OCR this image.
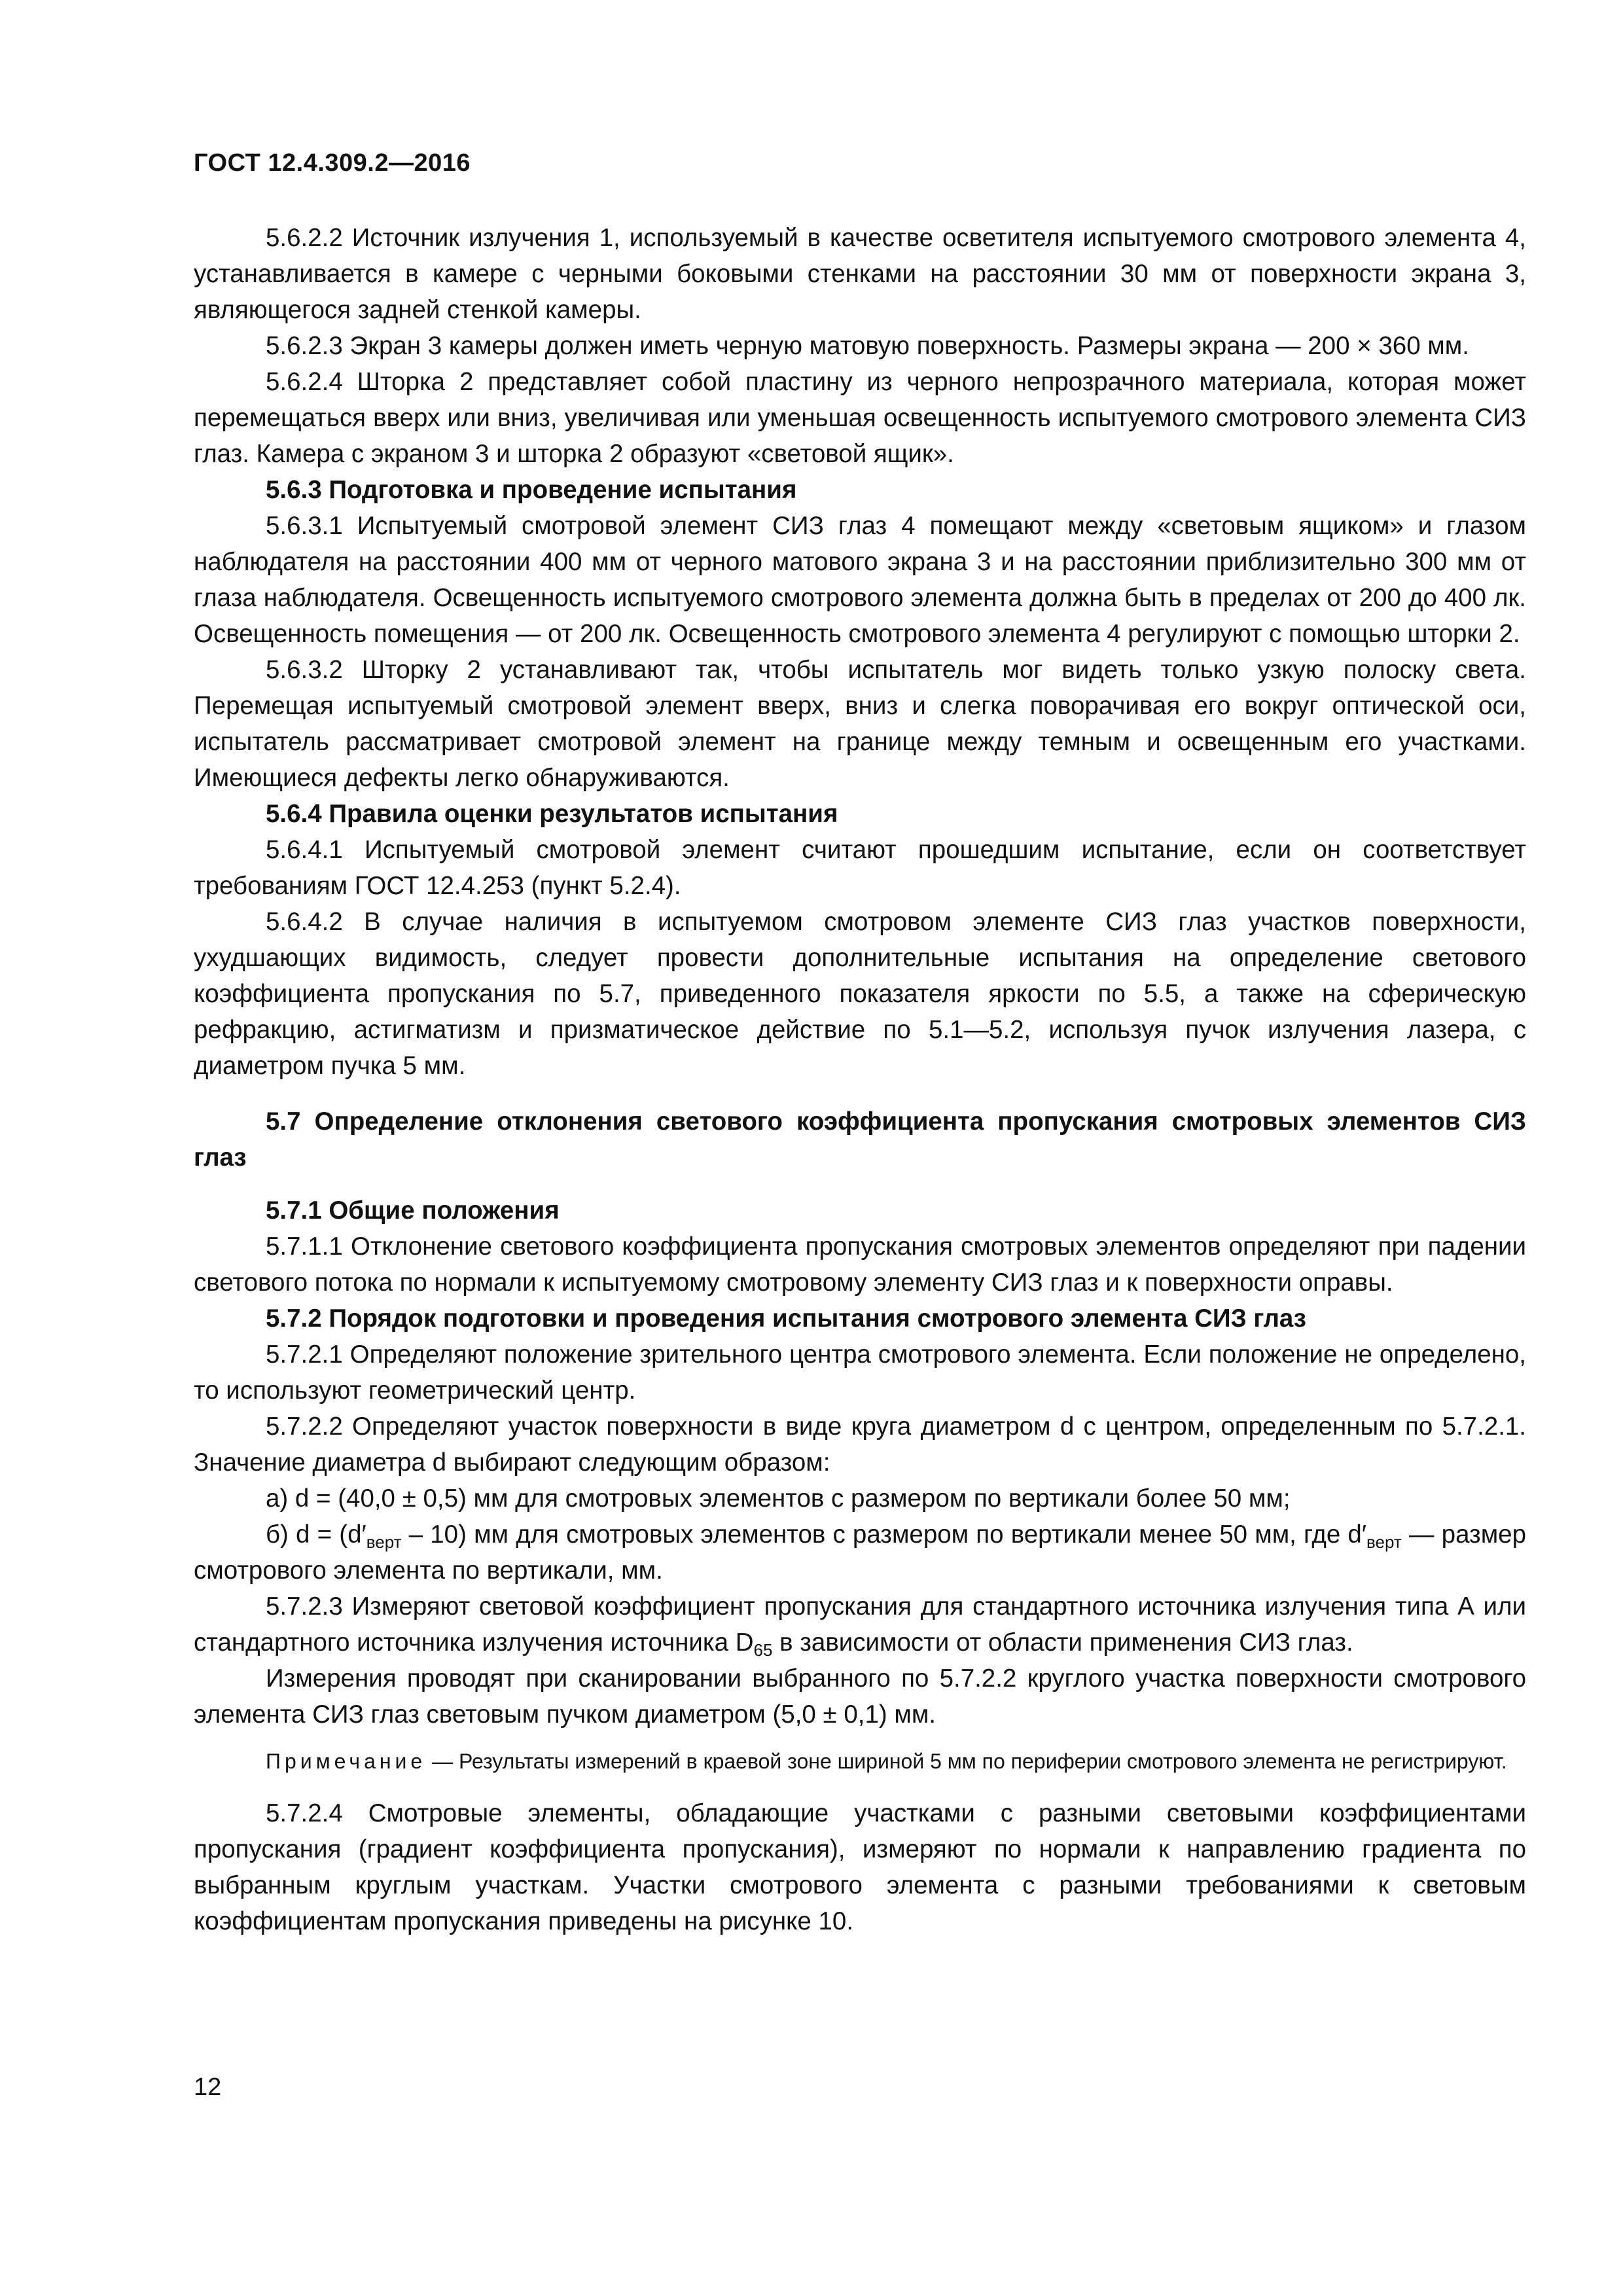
ГОСТ 12.4.309.2—2016

5.6.2.2 Источник излучения 1, используемый в качестве осветителя испытуемого смотрового элемента 4, устанавливается в камере с черными боковыми стенками на расстоянии 30 мм от поверхности экрана 3, являющегося задней стенкой камеры.

5.6.2.3 Экран 3 камеры должен иметь черную матовую поверхность. Размеры экрана — 200 × 360 мм.

5.6.2.4 Шторка 2 представляет собой пластину из черного непрозрачного материала, которая может перемещаться вверх или вниз, увеличивая или уменьшая освещенность испытуемого смотрового элемента СИЗ глаз. Камера с экраном 3 и шторка 2 образуют «световой ящик».

5.6.3 Подготовка и проведение испытания

5.6.3.1 Испытуемый смотровой элемент СИЗ глаз 4 помещают между «световым ящиком» и глазом наблюдателя на расстоянии 400 мм от черного матового экрана 3 и на расстоянии приблизительно 300 мм от глаза наблюдателя. Освещенность испытуемого смотрового элемента должна быть в пределах от 200 до 400 лк. Освещенность помещения — от 200 лк. Освещенность смотрового элемента 4 регулируют с помощью шторки 2.

5.6.3.2 Шторку 2 устанавливают так, чтобы испытатель мог видеть только узкую полоску света. Перемещая испытуемый смотровой элемент вверх, вниз и слегка поворачивая его вокруг оптической оси, испытатель рассматривает смотровой элемент на границе между темным и освещенным его участками. Имеющиеся дефекты легко обнаруживаются.

5.6.4 Правила оценки результатов испытания

5.6.4.1 Испытуемый смотровой элемент считают прошедшим испытание, если он соответствует требованиям ГОСТ 12.4.253 (пункт 5.2.4).

5.6.4.2 В случае наличия в испытуемом смотровом элементе СИЗ глаз участков поверхности, ухудшающих видимость, следует провести дополнительные испытания на определение светового коэффициента пропускания по 5.7, приведенного показателя яркости по 5.5, а также на сферическую рефракцию, астигматизм и призматическое действие по 5.1—5.2, используя пучок излучения лазера, с диаметром пучка 5 мм.

5.7 Определение отклонения светового коэффициента пропускания смотровых элементов СИЗ глаз

5.7.1 Общие положения

5.7.1.1 Отклонение светового коэффициента пропускания смотровых элементов определяют при падении светового потока по нормали к испытуемому смотровому элементу СИЗ глаз и к поверхности оправы.

5.7.2 Порядок подготовки и проведения испытания смотрового элемента СИЗ глаз

5.7.2.1 Определяют положение зрительного центра смотрового элемента. Если положение не определено, то используют геометрический центр.

5.7.2.2 Определяют участок поверхности в виде круга диаметром d с центром, определенным по 5.7.2.1. Значение диаметра d выбирают следующим образом:

а) d = (40,0 ± 0,5) мм для смотровых элементов с размером по вертикали более 50 мм;

б) $d = (d'_{верт} - 10)$ мм для смотровых элементов с размером по вертикали менее 50 мм, где $d'_{верт}$ — размер смотрового элемента по вертикали, мм.

5.7.2.3 Измеряют световой коэффициент пропускания для стандартного источника излучения типа А или стандартного источника излучения источника $D_{65}$ в зависимости от области применения СИЗ глаз.

Измерения проводят при сканировании выбранного по 5.7.2.2 круглого участка поверхности смотрового элемента СИЗ глаз световым пучком диаметром (5,0 ± 0,1) мм.

Примечание — Результаты измерений в краевой зоне шириной 5 мм по периферии смотрового элемента не регистрируют.

5.7.2.4 Смотровые элементы, обладающие участками с разными световыми коэффициентами пропускания (градиент коэффициента пропускания), измеряют по нормали к направлению градиента по выбранным круглым участкам. Участки смотрового элемента с разными требованиями к световым коэффициентам пропускания приведены на рисунке 10.

12
